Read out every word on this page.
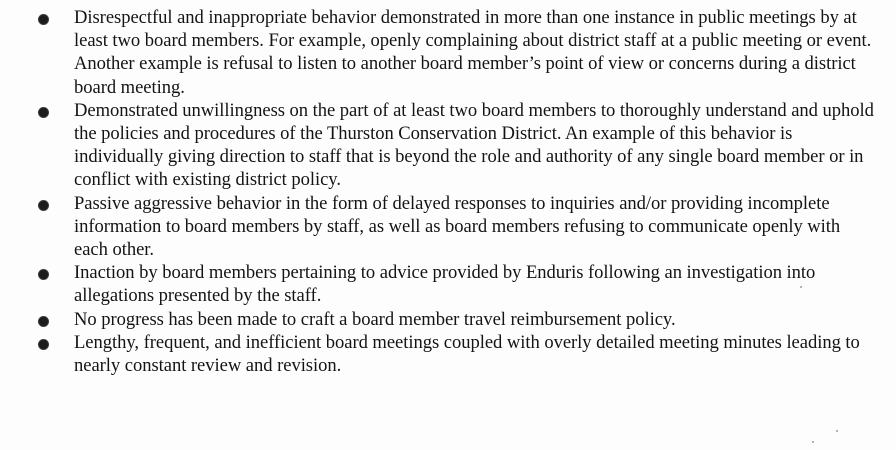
Disrespectful and inappropriate behavior demonstrated in more than one instance in public meetings by at least two board members. For example, openly complaining about district staff at a public meeting or event. Another example is refusal to listen to another board member’s point of view or concerns during a district board meeting.

Demonstrated unwillingness on the part of at least two board members to thoroughly understand and uphold the policies and procedures of the Thurston Conservation District. An example of this behavior is individually giving direction to staff that is beyond the role and authority of any single board member or in conflict with existing district policy.

Passive aggressive behavior in the form of delayed responses to inquiries and/or providing incomplete information to board members by staff, as well as board members refusing to communicate openly with each other.

Inaction by board members pertaining to advice provided by Enduris following an investigation into allegations presented by the staff.

No progress has been made to craft a board member travel reimbursement policy.

Lengthy, frequent, and inefficient board meetings coupled with overly detailed meeting minutes leading to nearly constant review and revision.
